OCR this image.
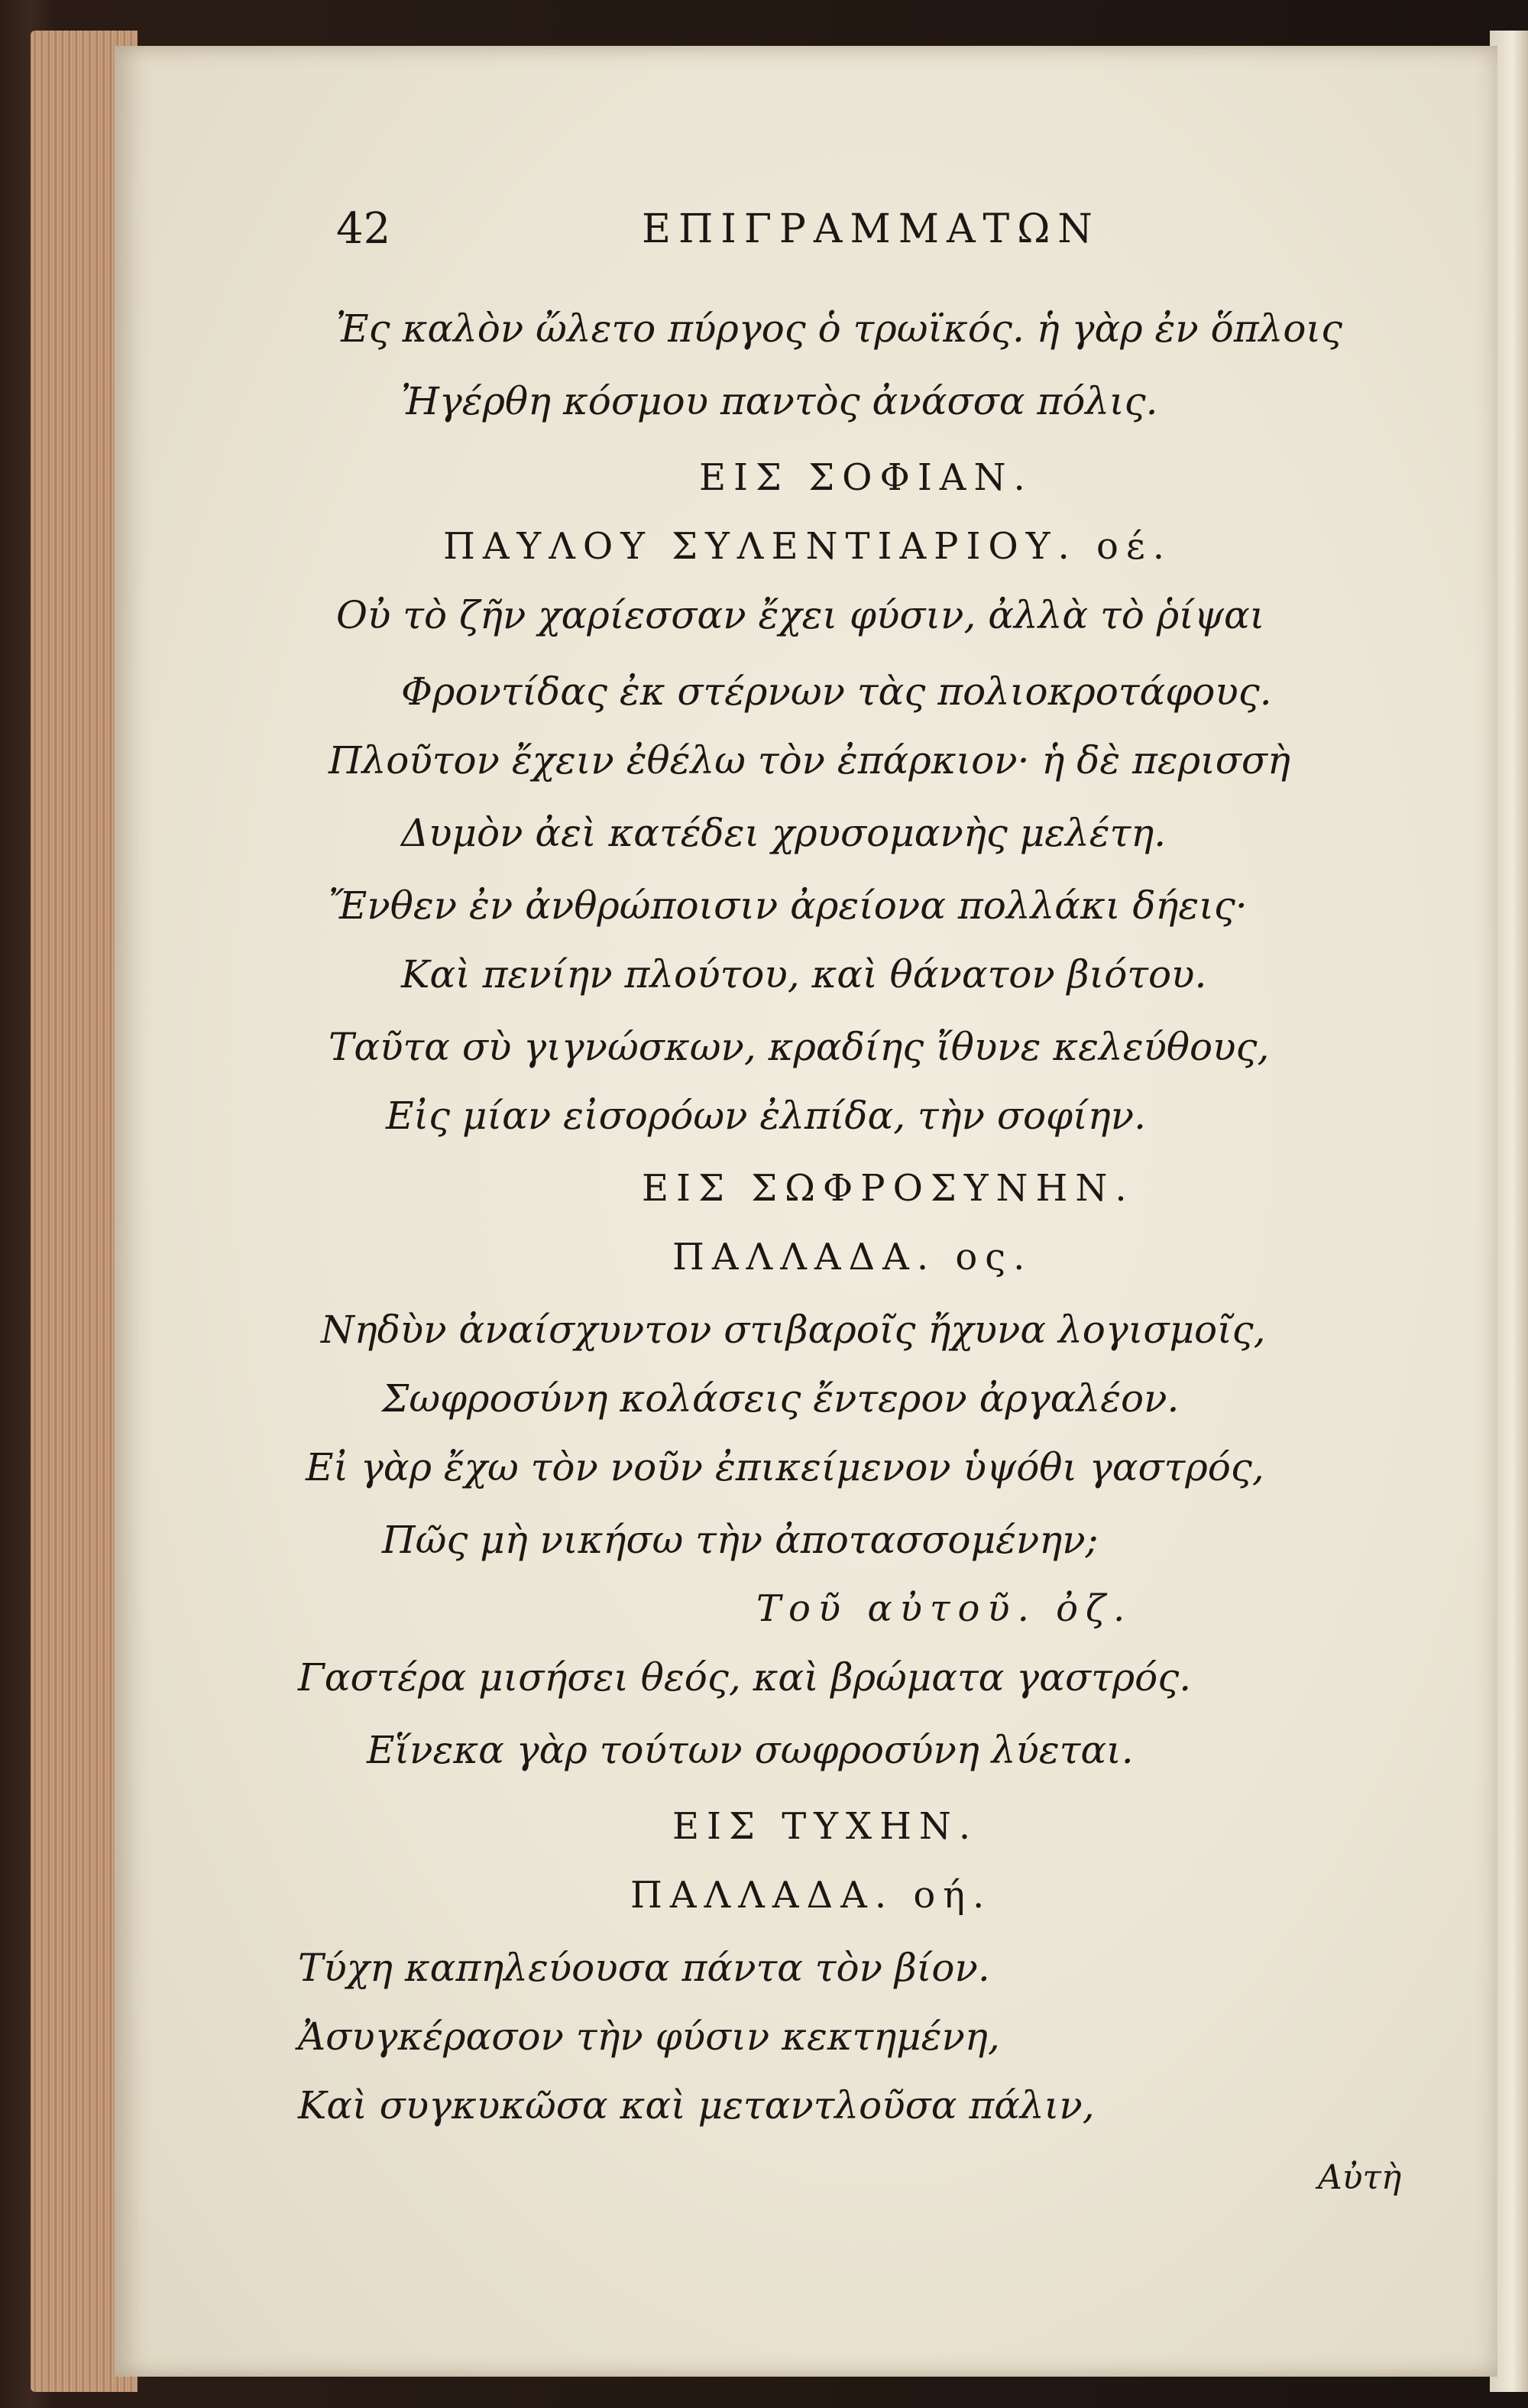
42	ΕΠΙΓΡΑΜΜΑΤΩΝ
Ἐς καλὸν ὤλετο πύργος ὁ τρωϊκός. ἡ γὰρ ἐν ὅπλοις
Ἠγέρθη κόσμου παντὸς ἀνάσσα πόλις.
ΕΙΣ ΣΟΦΙΑΝ.
ΠΑΥΛΟΥ ΣΥΛΕΝΤΙΑΡΙΟΥ. οέ.
Οὐ τὸ ζῆν χαρίεσσαν ἔχει φύσιν, ἀλλὰ τὸ ῥίψαι
Φροντίδας ἐκ στέρνων τὰς πολιοκροτάφους.
Πλοῦτον ἔχειν ἐθέλω τὸν ἐπάρκιον· ἡ δὲ περισσὴ
Δυμὸν ἀεὶ κατέδει χρυσομανὴς μελέτη.
Ἔνθεν ἐν ἀνθρώποισιν ἀρείονα πολλάκι δήεις·
Καὶ πενίην πλούτου, καὶ θάνατον βιότου.
Ταῦτα σὺ γιγνώσκων, κραδίης ἴθυνε κελεύθους,
Εἰς μίαν εἰσορόων ἐλπίδα, τὴν σοφίην.
ΕΙΣ ΣΩΦΡΟΣΥΝΗΝ.
ΠΑΛΛΑΔΑ. ος.
Νηδὺν ἀναίσχυντον στιβαροῖς ἤχυνα λογισμοῖς,
Σωφροσύνη κολάσεις ἔντερον ἀργαλέον.
Εἰ γὰρ ἔχω τὸν νοῦν ἐπικείμενον ὑψόθι γαστρός,
Πῶς μὴ νικήσω τὴν ἀποτασσομένην;
Τοῦ αὐτοῦ. ὀζ.
Γαστέρα μισήσει θεός, καὶ βρώματα γαστρός.
Εἵνεκα γὰρ τούτων σωφροσύνη λύεται.
ΕΙΣ ΤΥΧΗΝ.
ΠΑΛΛΑΔΑ. οή.
Τύχη καπηλεύουσα πάντα τὸν βίον.
Ἀσυγκέρασον τὴν φύσιν κεκτημένη,
Καὶ συγκυκῶσα καὶ μεταντλοῦσα πάλιν,
Αὐτὴ
